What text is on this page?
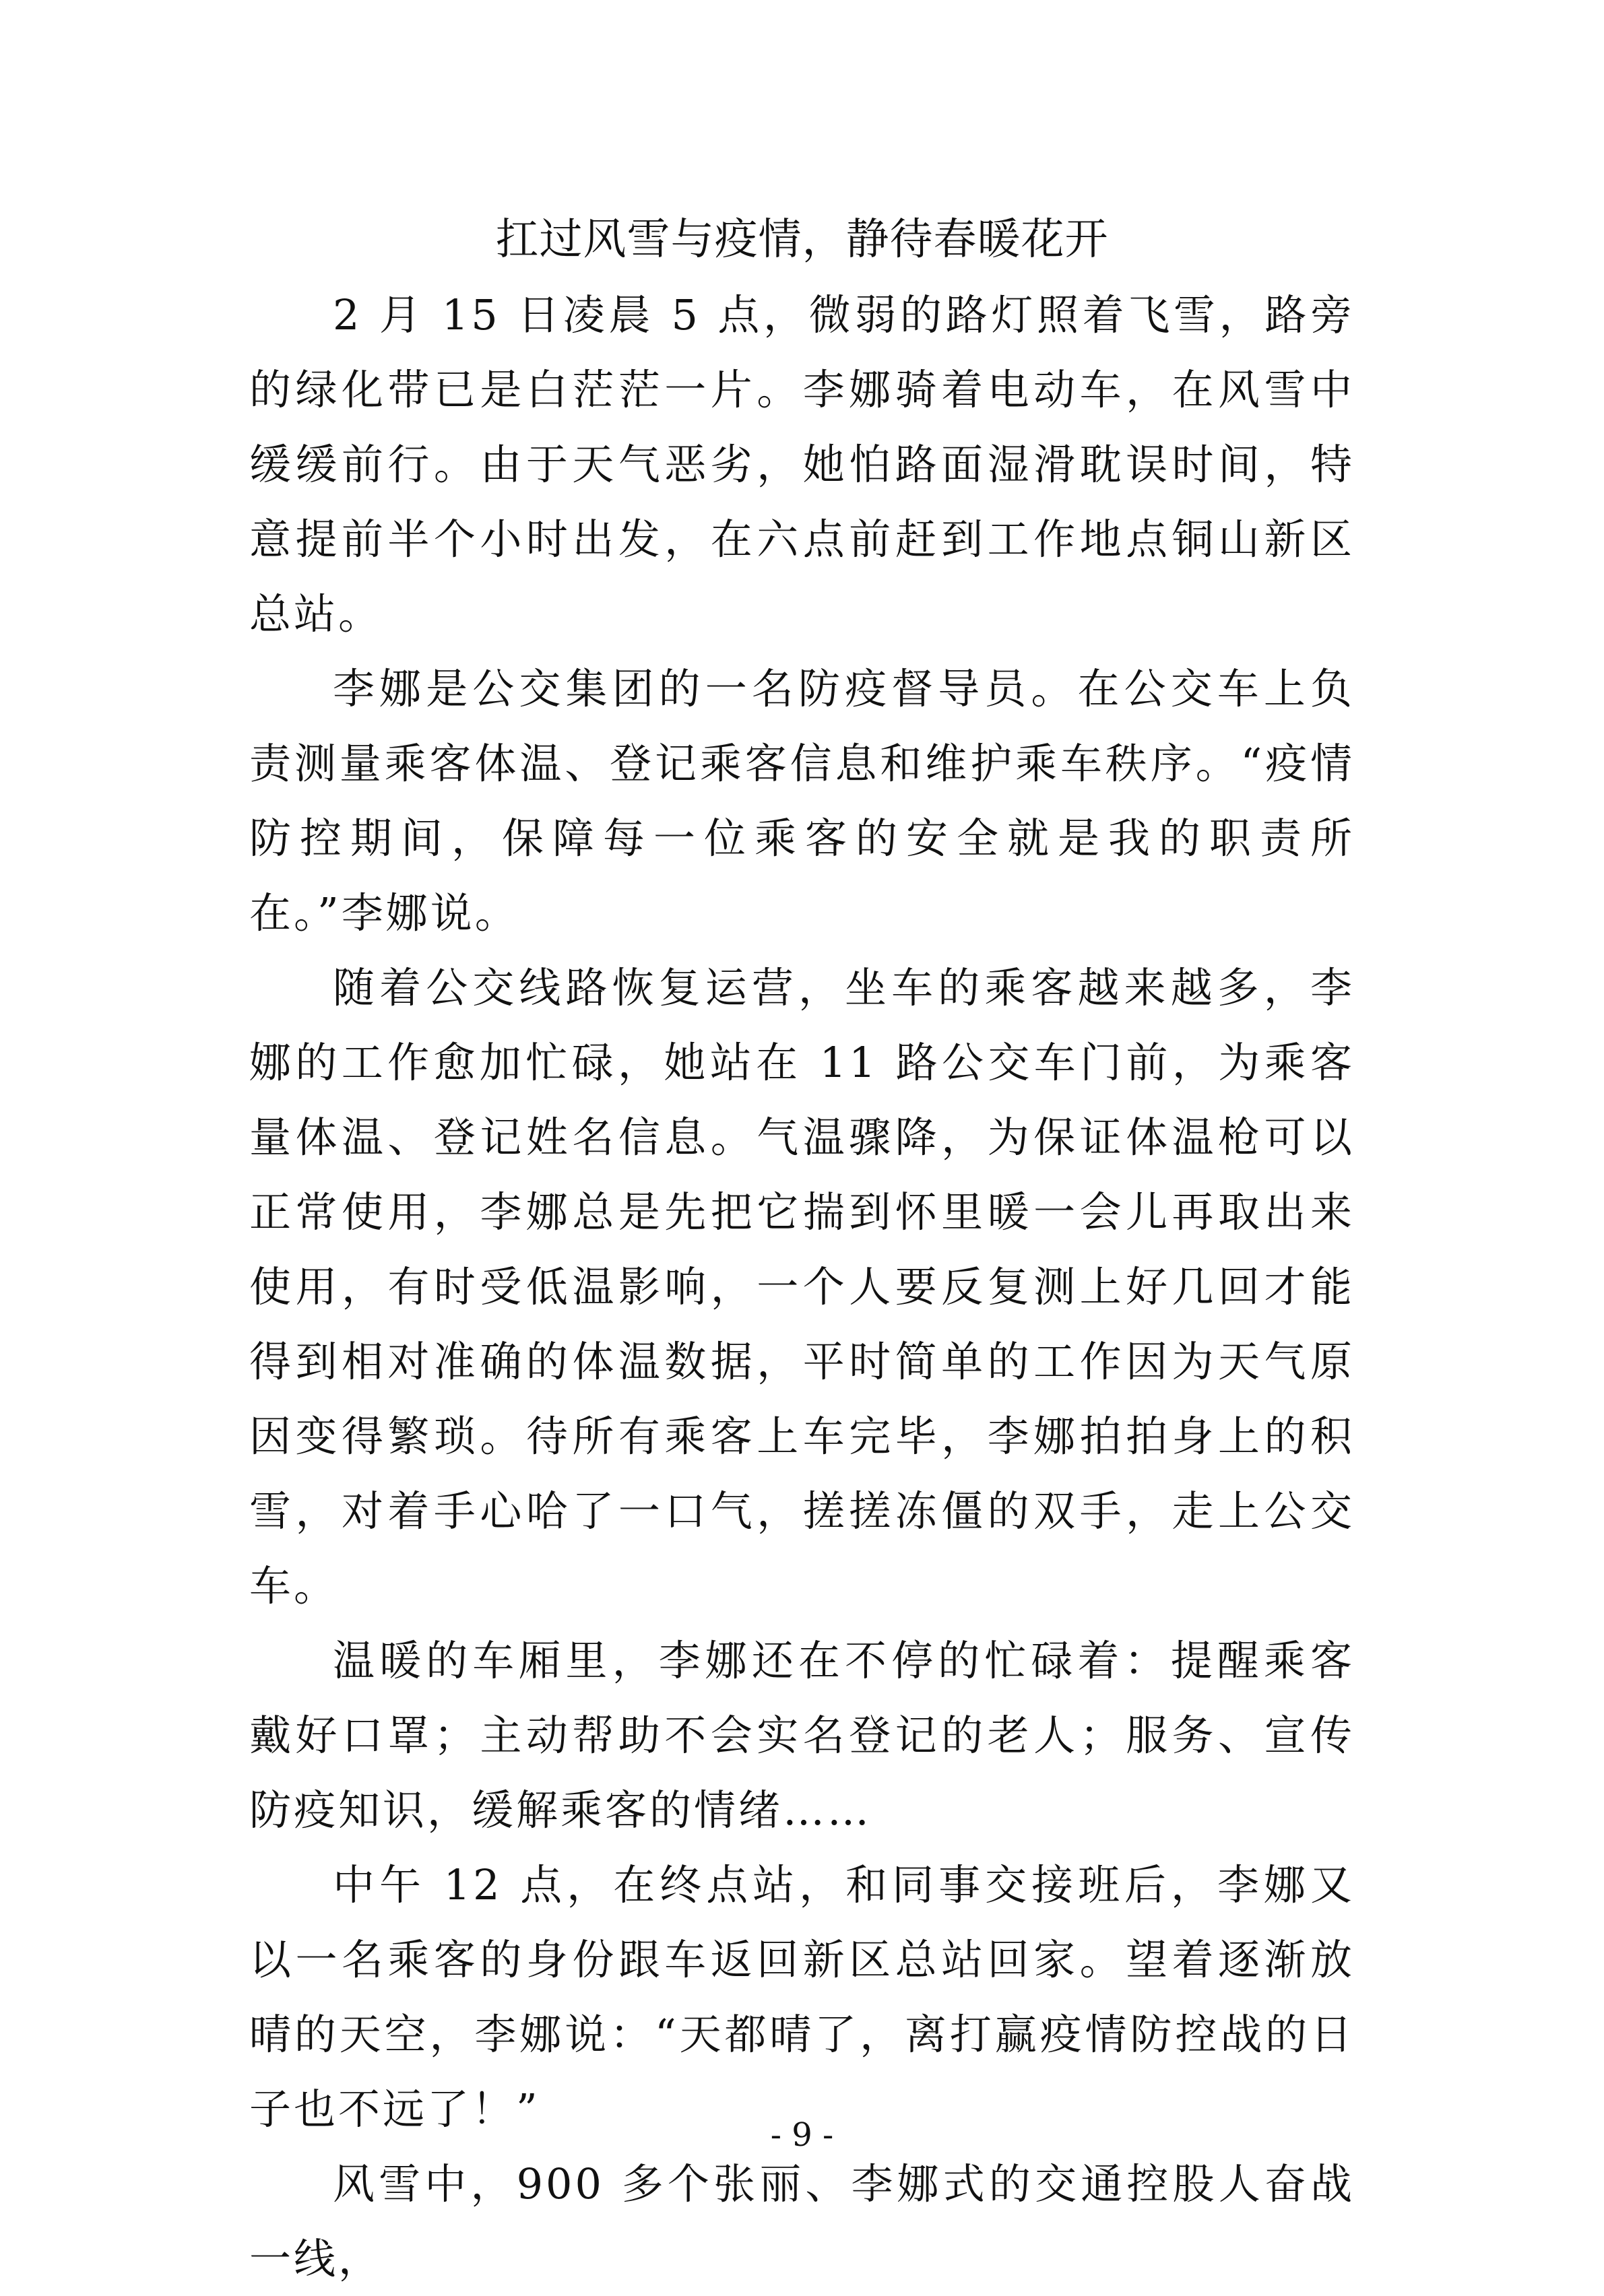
扛过风雪与疫情，静待春暖花开

2 月 15 日凌晨 5 点，微弱的路灯照着飞雪，路旁的绿化带已是白茫茫一片。李娜骑着电动车，在风雪中缓缓前行。由于天气恶劣，她怕路面湿滑耽误时间，特意提前半个小时出发，在六点前赶到工作地点铜山新区总站。

李娜是公交集团的一名防疫督导员。在公交车上负责测量乘客体温、登记乘客信息和维护乘车秩序。“疫情防控期间，保障每一位乘客的安全就是我的职责所在。”李娜说。

随着公交线路恢复运营，坐车的乘客越来越多，李娜的工作愈加忙碌，她站在 11 路公交车门前，为乘客量体温、登记姓名信息。气温骤降，为保证体温枪可以正常使用，李娜总是先把它揣到怀里暖一会儿再取出来使用，有时受低温影响，一个人要反复测上好几回才能得到相对准确的体温数据，平时简单的工作因为天气原因变得繁琐。待所有乘客上车完毕，李娜拍拍身上的积雪，对着手心哈了一口气，搓搓冻僵的双手，走上公交车。

温暖的车厢里，李娜还在不停的忙碌着：提醒乘客戴好口罩；主动帮助不会实名登记的老人；服务、宣传防疫知识，缓解乘客的情绪……

中午 12 点，在终点站，和同事交接班后，李娜又以一名乘客的身份跟车返回新区总站回家。望着逐渐放晴的天空，李娜说：“天都晴了，离打赢疫情防控战的日子也不远了！”

风雪中，900 多个张丽、李娜式的交通控股人奋战一线，

- 9 -
